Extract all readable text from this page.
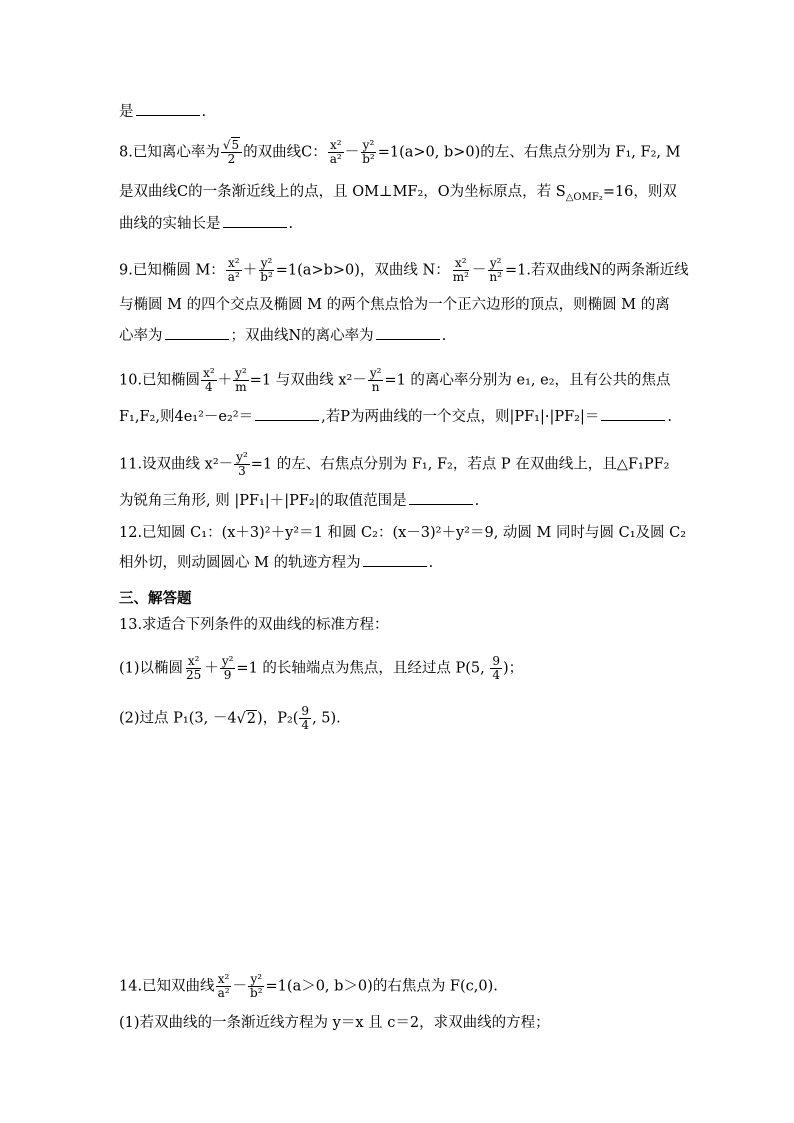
是	.
8.已知离心率为 $\frac{√5}{2}$ 的双曲线C： $\frac{\text{x²}}{\text{a²}} - \frac{\text{y²}}{\text{b²}} =1(a>0$, b>0)的左、右焦点分别为 F₁, F₂, M
是双曲线C的一条渐近线上的点，且 OM⊥MF₂，O为坐标原点，若 $S_{\triangle OMF_2}=16$，则双
曲线的实轴长是	.
9.已知椭圆 M： $\frac{\text{x²}}{\text{a²}} + \frac{\text{y²}}{\text{b²}} =1(a>b>0)$，双曲线 N： $\frac{\text{x²}}{\text{m²}} - \frac{\text{y²}}{\text{n²}} =1$.若双曲线N的两条渐近线
与椭圆 M 的四个交点及椭圆 M 的两个焦点恰为一个正六边形的顶点，则椭圆 M 的离
心率为	；双曲线N的离心率为	.
10.已知椭圆 $\frac{\text{x²}}{4} + \frac{\text{y²}}{m} =1$ 与双曲线 $x^2- \frac{\text{y²}}{n} =1$ 的离心率分别为 e₁, e₂，且有公共的焦点
F₁,F₂,则4e₁²－e₂²＝	,若P为两曲线的一个交点，则|PF₁|·|PF₂|＝	.
11.设双曲线 $x^2- \frac{\text{y²}}{3} =1$ 的左、右焦点分别为 F₁, F₂，若点 P 在双曲线上，且△F₁PF₂
为锐角三角形, 则 |PF₁|＋|PF₂|的取值范围是	.
12.已知圆 C₁：(x＋3)²＋y²＝1 和圆 C₂：(x－3)²＋y²＝9, 动圆 M 同时与圆 C₁及圆 C₂
相外切，则动圆圆心 M 的轨迹方程为	.
三、解答题
13.求适合下列条件的双曲线的标准方程：
(1)以椭圆 $\frac{\text{x²}}{25} + \frac{\text{y²}}{9} =1$ 的长轴端点为焦点，且经过点 P(5, $\frac{9}{4}$ )；
(2)过点 P₁(3, －4√2)，$P_2( \frac{9}{4}$ , 5).
14.已知双曲线 $\frac{\text{x²}}{\text{a²}} - \frac{\text{y²}}{\text{b²}} =1(a>0$, b＞0)的右焦点为 F(c,0).
(1)若双曲线的一条渐近线方程为 y＝x 且 c＝2，求双曲线的方程；
